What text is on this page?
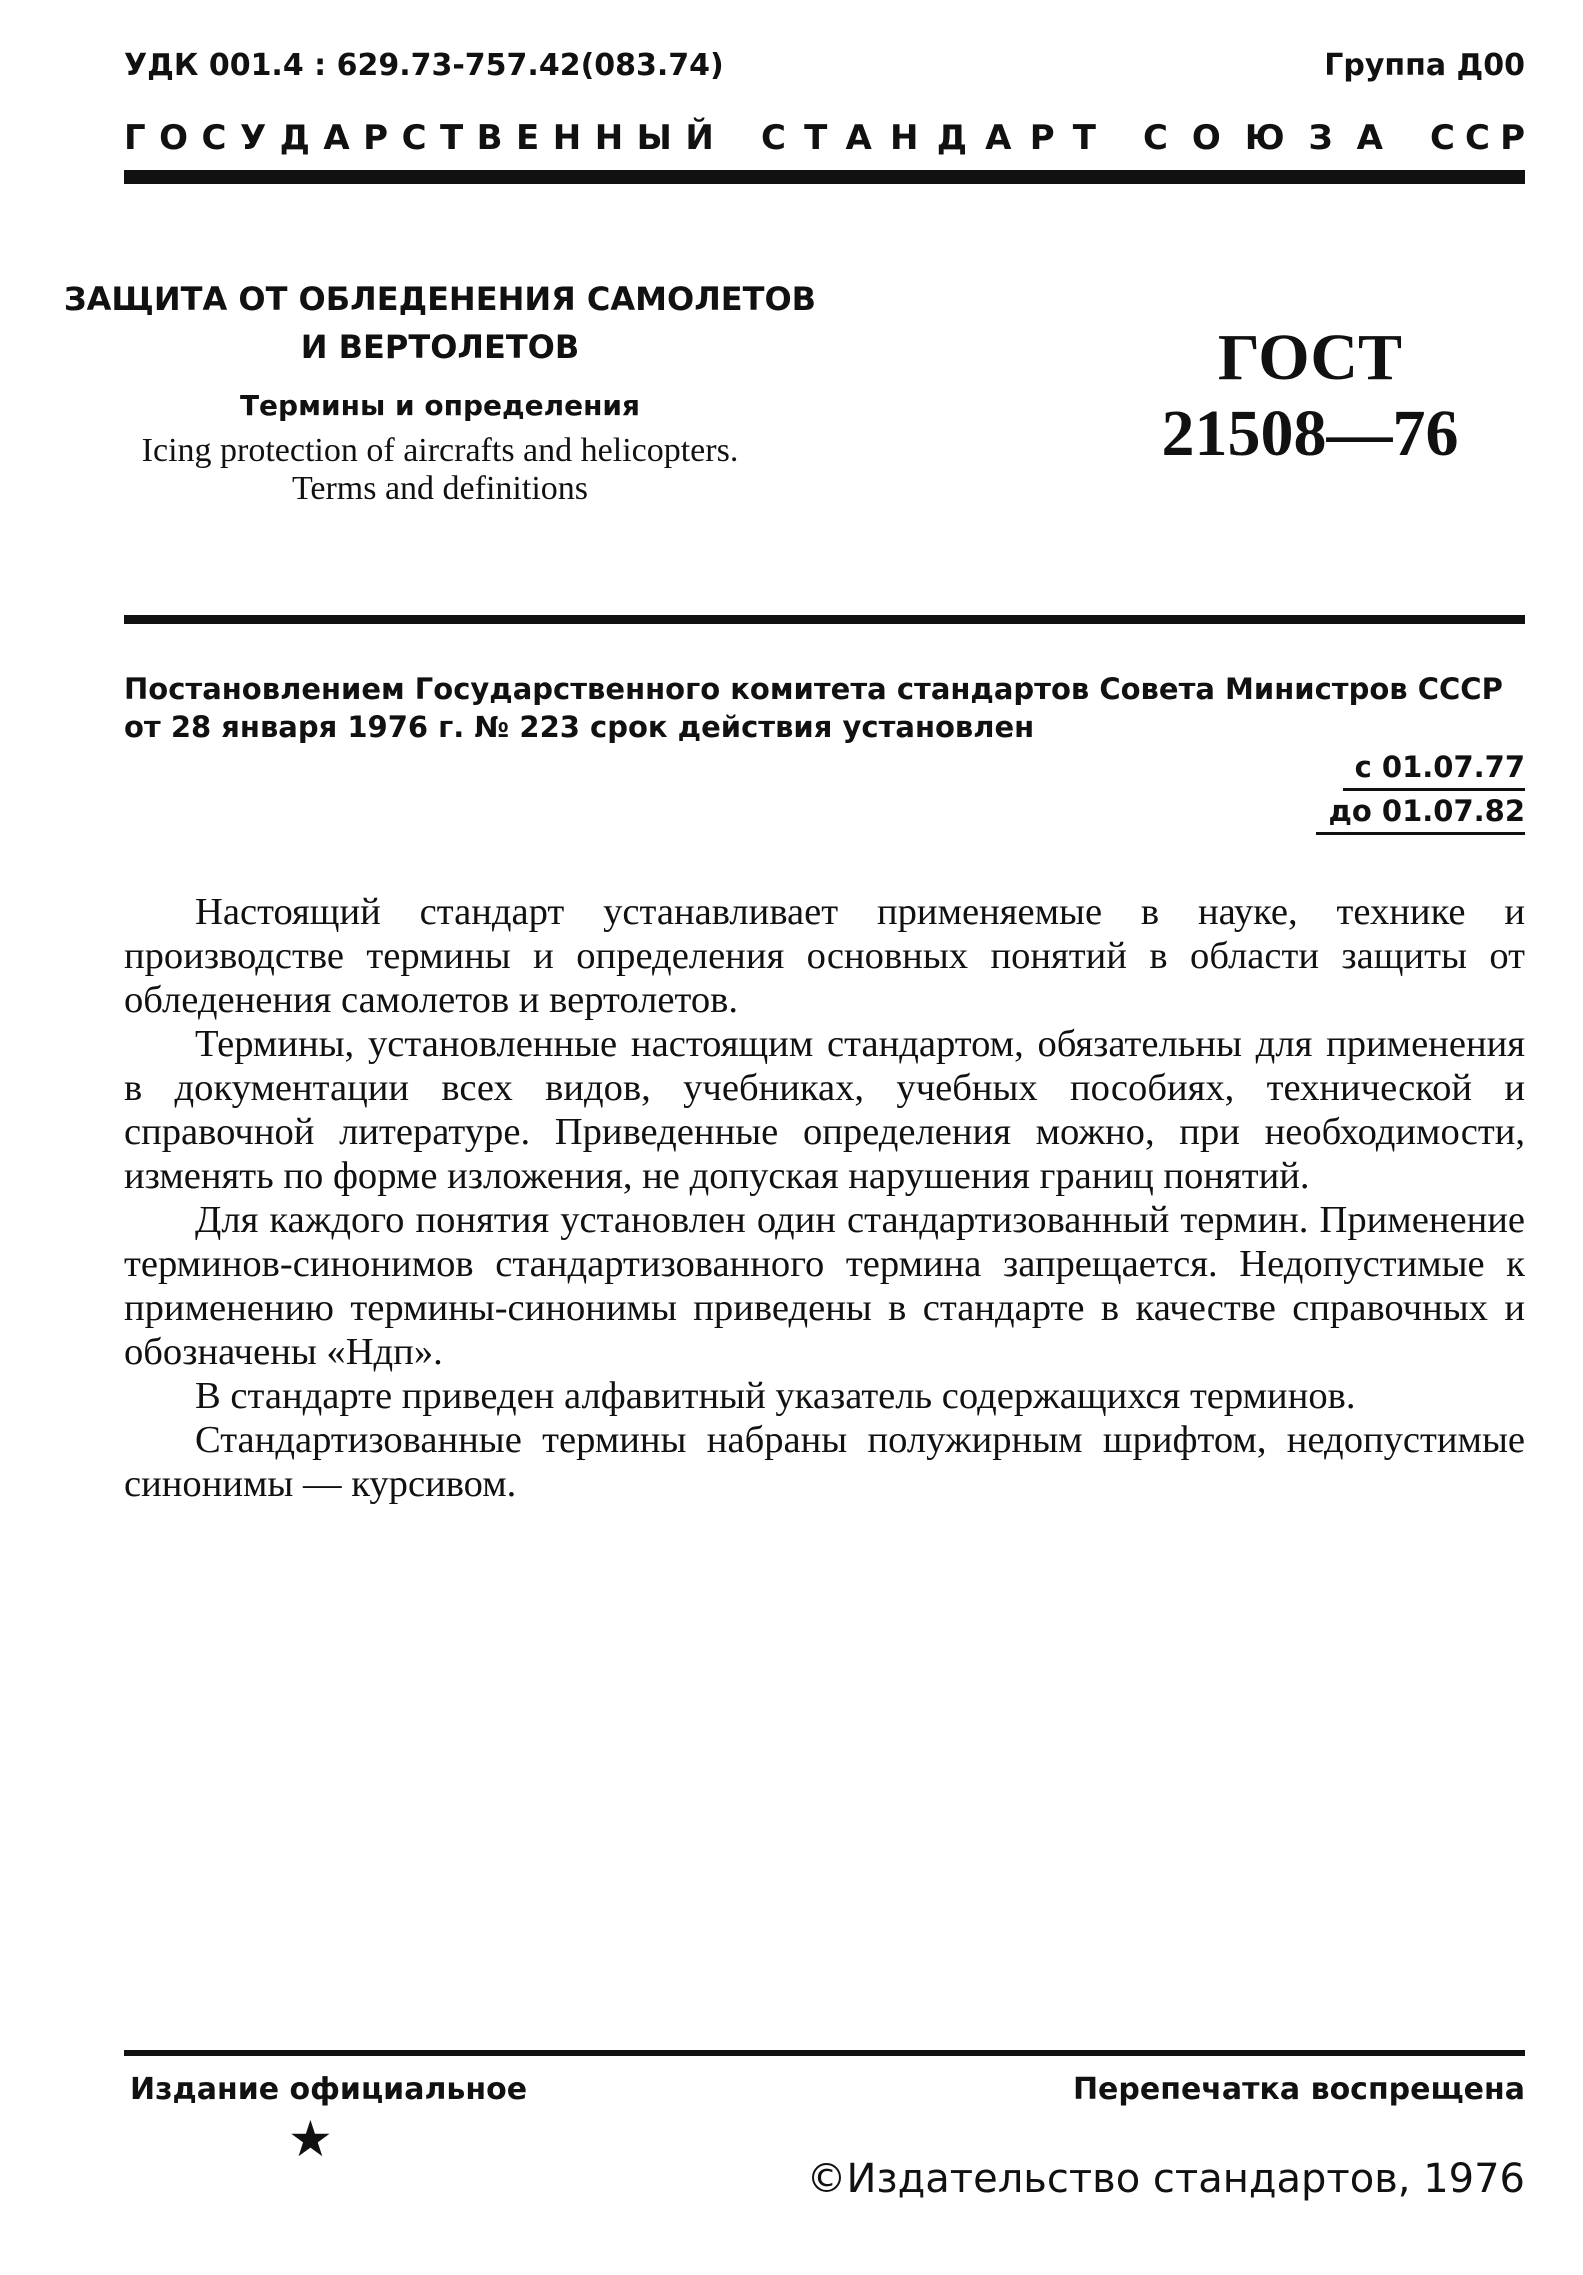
УДК 001.4 : 629.73-757.42(083.74)	Группа Д00
Г О С У Д А Р С Т В Е Н Н Ы Й С Т А Н Д А Р Т С О Ю З А С С Р
ЗАЩИТА ОТ ОБЛЕДЕНЕНИЯ САМОЛЕТОВ
И ВЕРТОЛЕТОВ
Термины и определения
Icing protection of aircrafts and helicopters.
Terms and definitions
ГОСТ
21508—76
Постановлением Государственного комитета стандартов Совета Министров СССР
от 28 января 1976 г. № 223 срок действия установлен
с 01.07.77
до 01.07.82

Настоящий стандарт устанавливает применяемые в науке, технике и производстве термины и определения основных понятий в области защиты от обледенения самолетов и вертолетов.

Термины, установленные настоящим стандартом, обязательны для применения в документации всех видов, учебниках, учебных пособиях, технической и справочной литературе. Приведенные определения можно, при необходимости, изменять по форме изложения, не допуская нарушения границ понятий.

Для каждого понятия установлен один стандартизованный термин. Применение терминов-синонимов стандартизованного термина запрещается. Недопустимые к применению термины-синонимы приведены в стандарте в качестве справочных и обозначены «Ндп».

В стандарте приведен алфавитный указатель содержащихся терминов.

Стандартизованные термины набраны полужирным шрифтом, недопустимые синонимы — курсивом.

Издание официальное	Перепечатка воспрещена
★
©Издательство стандартов, 1976
